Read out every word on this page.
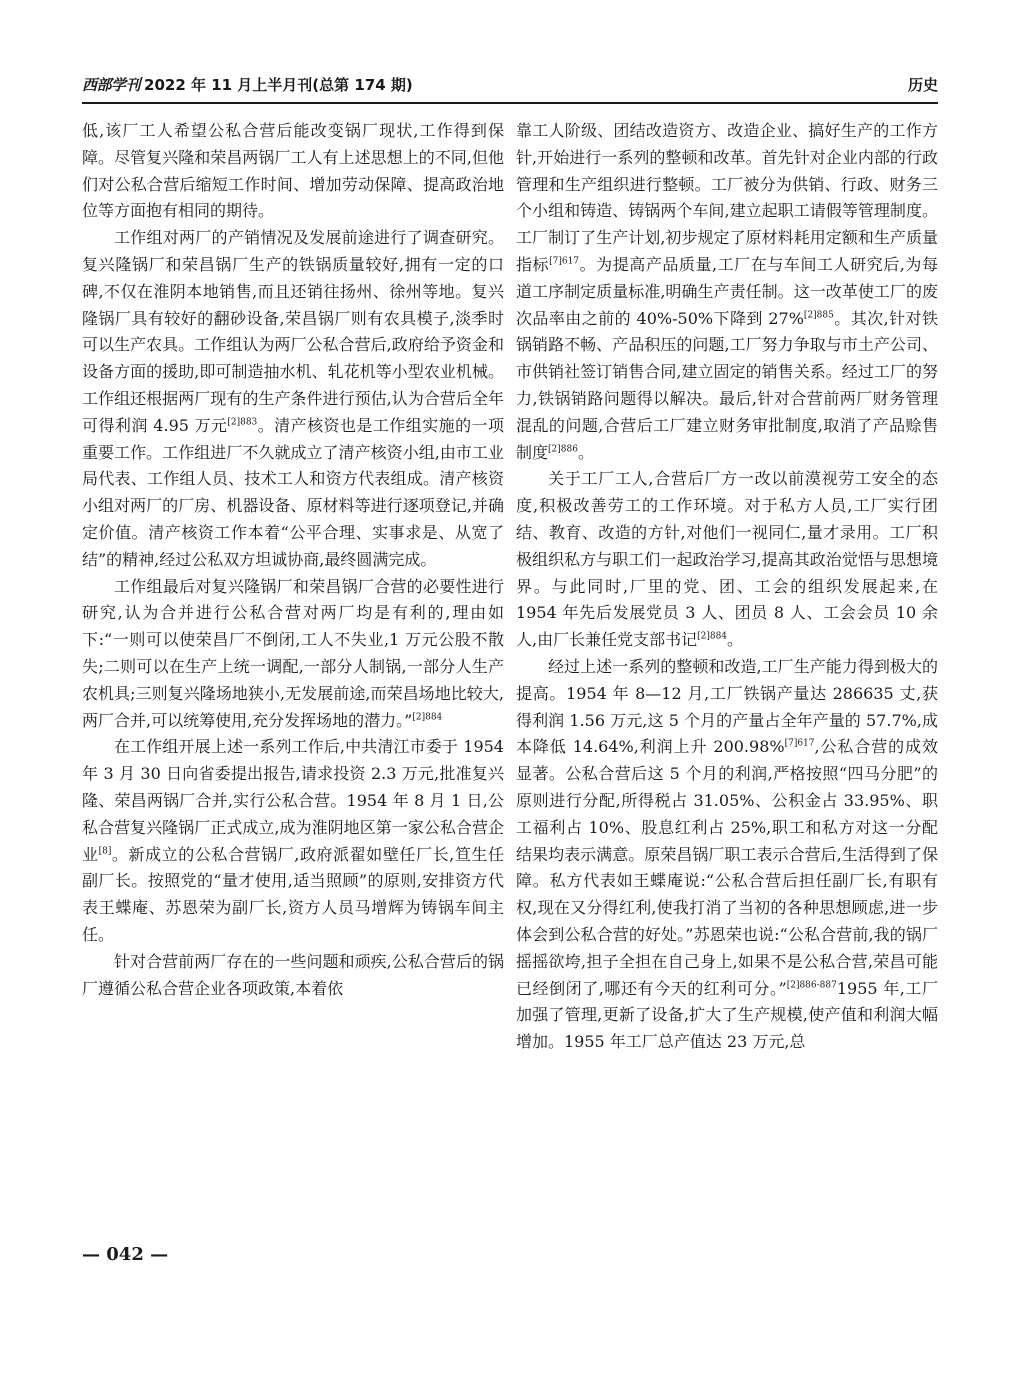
西部学刊 2022 年 11 月上半月刊(总第 174 期)	历史

低,该厂工人希望公私合营后能改变锅厂现状,工作得到保障。尽管复兴隆和荣昌两锅厂工人有上述思想上的不同,但他们对公私合营后缩短工作时间、增加劳动保障、提高政治地位等方面抱有相同的期待。

工作组对两厂的产销情况及发展前途进行了调查研究。复兴隆锅厂和荣昌锅厂生产的铁锅质量较好,拥有一定的口碑,不仅在淮阴本地销售,而且还销往扬州、徐州等地。复兴隆锅厂具有较好的翻砂设备,荣昌锅厂则有农具模子,淡季时可以生产农具。工作组认为两厂公私合营后,政府给予资金和设备方面的援助,即可制造抽水机、轧花机等小型农业机械。工作组还根据两厂现有的生产条件进行预估,认为合营后全年可得利润 4.95 万元$^{[2]883}$。清产核资也是工作组实施的一项重要工作。工作组进厂不久就成立了清产核资小组,由市工业局代表、工作组人员、技术工人和资方代表组成。清产核资小组对两厂的厂房、机器设备、原材料等进行逐项登记,并确定价值。清产核资工作本着“公平合理、实事求是、从宽了结”的精神,经过公私双方坦诚协商,最终圆满完成。

工作组最后对复兴隆锅厂和荣昌锅厂合营的必要性进行研究,认为合并进行公私合营对两厂均是有利的,理由如下:“一则可以使荣昌厂不倒闭,工人不失业,1 万元公股不散失;二则可以在生产上统一调配,一部分人制锅,一部分人生产农机具;三则复兴隆场地狭小,无发展前途,而荣昌场地比较大,两厂合并,可以统筹使用,充分发挥场地的潜力。”$^{[2]884}$

在工作组开展上述一系列工作后,中共清江市委于 1954 年 3 月 30 日向省委提出报告,请求投资 2.3 万元,批准复兴隆、荣昌两锅厂合并,实行公私合营。1954 年 8 月 1 日,公私合营复兴隆锅厂正式成立,成为淮阴地区第一家公私合营企业[8]。新成立的公私合营锅厂,政府派翟如壁任厂长,笪生任副厂长。按照党的“量才使用,适当照顾”的原则,安排资方代表王蝶庵、苏恩荣为副厂长,资方人员马增辉为铸锅车间主任。

针对合营前两厂存在的一些问题和顽疾,公私合营后的锅厂遵循公私合营企业各项政策,本着依

靠工人阶级、团结改造资方、改造企业、搞好生产的工作方针,开始进行一系列的整顿和改革。首先针对企业内部的行政管理和生产组织进行整顿。工厂被分为供销、行政、财务三个小组和铸造、铸锅两个车间,建立起职工请假等管理制度。工厂制订了生产计划,初步规定了原材料耗用定额和生产质量指标$^{[7]617}$。为提高产品质量,工厂在与车间工人研究后,为每道工序制定质量标准,明确生产责任制。这一改革使工厂的废次品率由之前的 40%-50%下降到 27%$^{[2]885}$。其次,针对铁锅销路不畅、产品积压的问题,工厂努力争取与市土产公司、市供销社签订销售合同,建立固定的销售关系。经过工厂的努力,铁锅销路问题得以解决。最后,针对合营前两厂财务管理混乱的问题,合营后工厂建立财务审批制度,取消了产品赊售制度$^{[2]886}$。

关于工厂工人,合营后厂方一改以前漠视劳工安全的态度,积极改善劳工的工作环境。对于私方人员,工厂实行团结、教育、改造的方针,对他们一视同仁,量才录用。工厂积极组织私方与职工们一起政治学习,提高其政治觉悟与思想境界。与此同时,厂里的党、团、工会的组织发展起来,在 1954 年先后发展党员 3 人、团员 8 人、工会会员 10 余人,由厂长兼任党支部书记$^{[2]884}$。

经过上述一系列的整顿和改造,工厂生产能力得到极大的提高。1954 年 8—12 月,工厂铁锅产量达 286635 丈,获得利润 1.56 万元,这 5 个月的产量占全年产量的 57.7%,成本降低 14.64%,利润上升 200.98%$^{[7]617}$,公私合营的成效显著。公私合营后这 5 个月的利润,严格按照“四马分肥”的原则进行分配,所得税占 31.05%、公积金占 33.95%、职工福利占 10%、股息红利占 25%,职工和私方对这一分配结果均表示满意。原荣昌锅厂职工表示合营后,生活得到了保障。私方代表如王蝶庵说:“公私合营后担任副厂长,有职有权,现在又分得红利,使我打消了当初的各种思想顾虑,进一步体会到公私合营的好处。”苏恩荣也说:“公私合营前,我的锅厂摇摇欲垮,担子全担在自己身上,如果不是公私合营,荣昌可能已经倒闭了,哪还有今天的红利可分。”$^{[2]886-887}$1955 年,工厂加强了管理,更新了设备,扩大了生产规模,使产值和利润大幅增加。1955 年工厂总产值达 23 万元,总

— 042 —
